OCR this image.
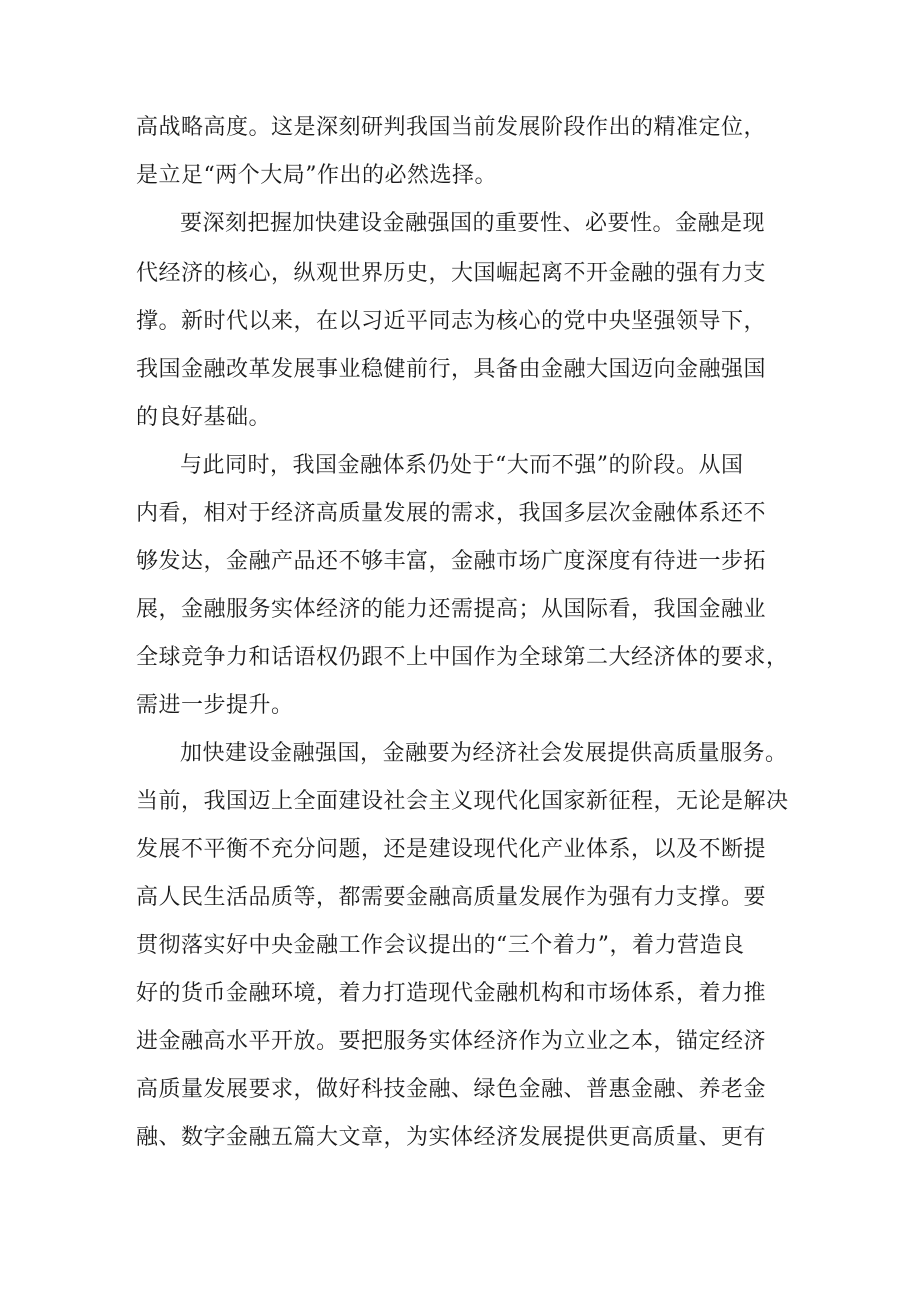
高战略高度。这是深刻研判我国当前发展阶段作出的精准定位，
是立足“两个大局”作出的必然选择。
要深刻把握加快建设金融强国的重要性、必要性。金融是现
代经济的核心，纵观世界历史，大国崛起离不开金融的强有力支
撑。新时代以来，在以习近平同志为核心的党中央坚强领导下，
我国金融改革发展事业稳健前行，具备由金融大国迈向金融强国
的良好基础。
与此同时，我国金融体系仍处于“大而不强”的阶段。从国
内看，相对于经济高质量发展的需求，我国多层次金融体系还不
够发达，金融产品还不够丰富，金融市场广度深度有待进一步拓
展，金融服务实体经济的能力还需提高；从国际看，我国金融业
全球竞争力和话语权仍跟不上中国作为全球第二大经济体的要求，
需进一步提升。
加快建设金融强国，金融要为经济社会发展提供高质量服务。
当前，我国迈上全面建设社会主义现代化国家新征程，无论是解决
发展不平衡不充分问题，还是建设现代化产业体系，以及不断提
高人民生活品质等，都需要金融高质量发展作为强有力支撑。要
贯彻落实好中央金融工作会议提出的“三个着力”，着力营造良
好的货币金融环境，着力打造现代金融机构和市场体系，着力推
进金融高水平开放。要把服务实体经济作为立业之本，锚定经济
高质量发展要求，做好科技金融、绿色金融、普惠金融、养老金
融、数字金融五篇大文章，为实体经济发展提供更高质量、更有
